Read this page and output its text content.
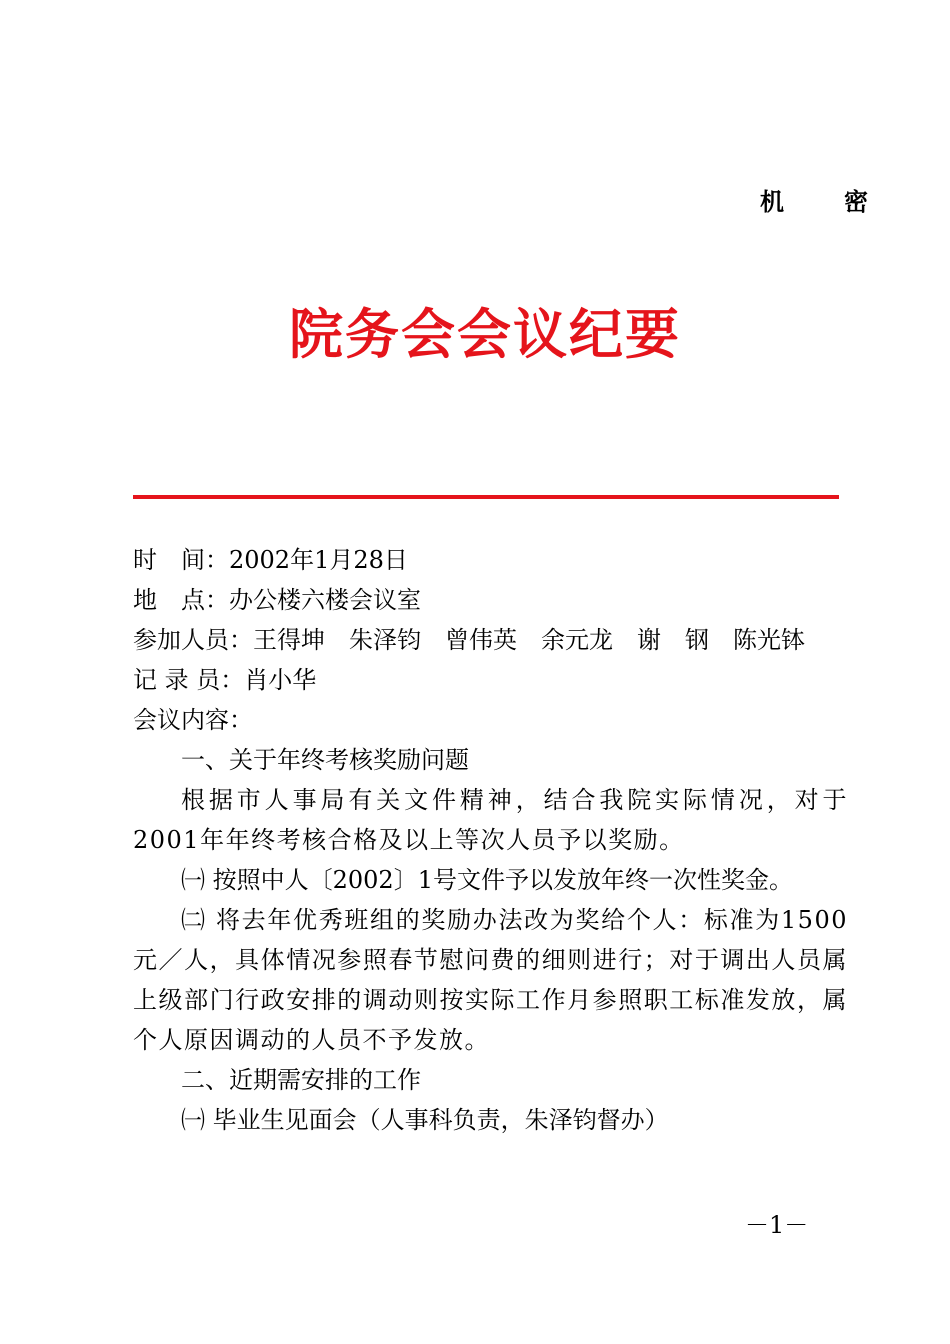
机　密
院务会会议纪要
时　间：2002年1月28日
地　点：办公楼六楼会议室
参加人员：王得坤　朱泽钧　曾伟英　余元龙　谢　钢　陈光钵
记 录 员：肖小华
会议内容：
一、关于年终考核奖励问题
根据市人事局有关文件精神，结合我院实际情况，对于2001年年终考核合格及以上等次人员予以奖励。
㈠ 按照中人〔2002〕1号文件予以发放年终一次性奖金。
㈡ 将去年优秀班组的奖励办法改为奖给个人：标准为1500元／人，具体情况参照春节慰问费的细则进行；对于调出人员属上级部门行政安排的调动则按实际工作月参照职工标准发放，属个人原因调动的人员不予发放。
二、近期需安排的工作
㈠ 毕业生见面会（人事科负责，朱泽钧督办）
－1－
